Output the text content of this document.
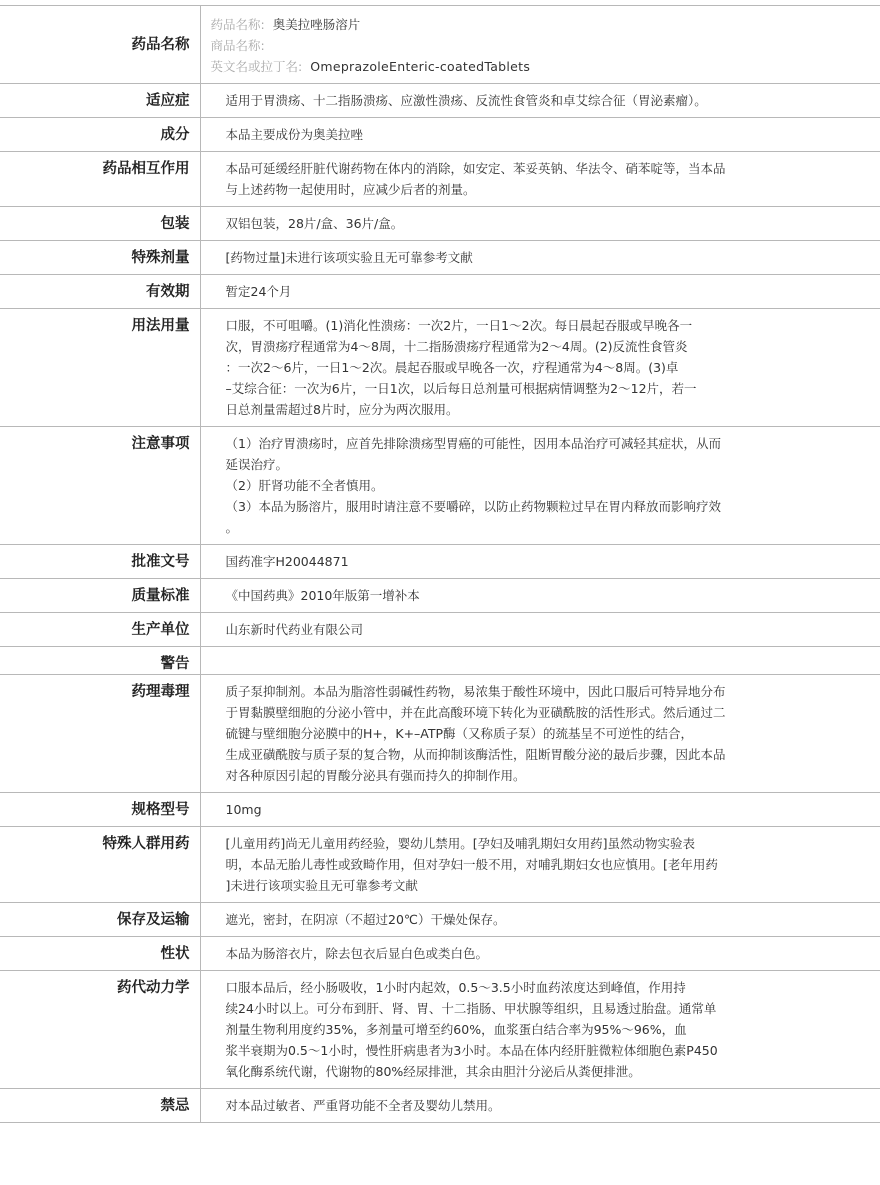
药品名称	药品名称: 奥美拉唑肠溶片
商品名称:
英文名或拉丁名: OmeprazoleEnteric-coatedTablets

适应症	适用于胃溃疡、十二指肠溃疡、应激性溃疡、反流性食管炎和卓艾综合征（胃泌素瘤）。

成分	本品主要成份为奥美拉唑

药品相互作用	本品可延缓经肝脏代谢药物在体内的消除，如安定、苯妥英钠、华法令、硝苯啶等，当本品
与上述药物一起使用时，应减少后者的剂量。

包装	双铝包装，28片/盒、36片/盒。

特殊剂量	[药物过量]未进行该项实验且无可靠参考文献

有效期	暂定24个月

用法用量	口服，不可咀嚼。(1)消化性溃疡：一次2片，一日1～2次。每日晨起吞服或早晚各一
次，胃溃疡疗程通常为4～8周，十二指肠溃疡疗程通常为2～4周。(2)反流性食管炎
：一次2～6片，一日1～2次。晨起吞服或早晚各一次，疗程通常为4～8周。(3)卓
–艾综合征：一次为6片，一日1次，以后每日总剂量可根据病情调整为2～12片，若一
日总剂量需超过8片时，应分为两次服用。

注意事项	（1）治疗胃溃疡时，应首先排除溃疡型胃癌的可能性，因用本品治疗可减轻其症状，从而
延误治疗。
（2）肝肾功能不全者慎用。
（3）本品为肠溶片，服用时请注意不要嚼碎，以防止药物颗粒过早在胃内释放而影响疗效
。

批准文号	国药准字H20044871

质量标准	《中国药典》2010年版第一增补本

生产单位	山东新时代药业有限公司

警告	
药理毒理	质子泵抑制剂。本品为脂溶性弱碱性药物，易浓集于酸性环境中，因此口服后可特异地分布
于胃黏膜壁细胞的分泌小管中，并在此高酸环境下转化为亚磺酰胺的活性形式。然后通过二
硫键与壁细胞分泌膜中的H+，K+–ATP酶（又称质子泵）的巯基呈不可逆性的结合，
生成亚磺酰胺与质子泵的复合物，从而抑制该酶活性，阻断胃酸分泌的最后步骤，因此本品
对各种原因引起的胃酸分泌具有强而持久的抑制作用。

规格型号	10mg

特殊人群用药	[儿童用药]尚无儿童用药经验，婴幼儿禁用。[孕妇及哺乳期妇女用药]虽然动物实验表
明，本品无胎儿毒性或致畸作用，但对孕妇一般不用，对哺乳期妇女也应慎用。[老年用药
]未进行该项实验且无可靠参考文献

保存及运输	遮光，密封，在阴凉（不超过20℃）干燥处保存。

性状	本品为肠溶衣片，除去包衣后显白色或类白色。

药代动力学	口服本品后，经小肠吸收，1小时内起效，0.5～3.5小时血药浓度达到峰值，作用持
续24小时以上。可分布到肝、肾、胃、十二指肠、甲状腺等组织，且易透过胎盘。通常单
剂量生物利用度约35%，多剂量可增至约60%，血浆蛋白结合率为95%～96%，血
浆半衰期为0.5～1小时，慢性肝病患者为3小时。本品在体内经肝脏微粒体细胞色素P450
氧化酶系统代谢，代谢物的80%经尿排泄，其余由胆汁分泌后从粪便排泄。

禁忌	对本品过敏者、严重肾功能不全者及婴幼儿禁用。
